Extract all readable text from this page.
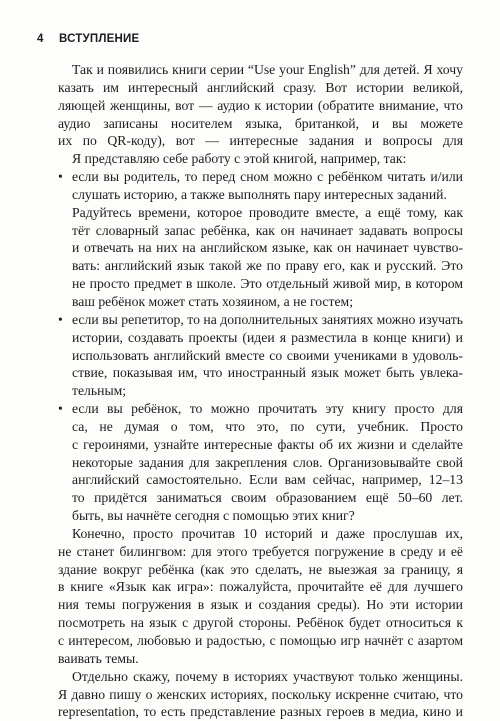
4 ВСТУПЛЕНИЕ
Так и появились книги серии “Use your English” для детей. Я хочу
казать им интересный английский сразу. Вот истории великой,
ляющей женщины, вот — аудио к истории (обратите внимание, что
аудио записаны носителем языка, британкой, и вы можете
их по QR-коду), вот — интересные задания и вопросы для
Я представляю себе работу с этой книгой, например, так:
• если вы родитель, то перед сном можно с ребёнком читать и/или
слушать историю, а также выполнять пару интересных заданий.
Радуйтесь времени, которое проводите вместе, а ещё тому, как
тёт словарный запас ребёнка, как он начинает задавать вопросы
и отвечать на них на английском языке, как он начинает чувство-
вать: английский язык такой же по праву его, как и русский. Это
не просто предмет в школе. Это отдельный живой мир, в котором
ваш ребёнок может стать хозяином, а не гостем;
• если вы репетитор, то на дополнительных занятиях можно изучать
истории, создавать проекты (идеи я разместила в конце книги) и
использовать английский вместе со своими учениками в удоволь-
ствие, показывая им, что иностранный язык может быть увлека-
тельным;
• если вы ребёнок, то можно прочитать эту книгу просто для
са, не думая о том, что это, по сути, учебник. Просто
с героинями, узнайте интересные факты об их жизни и сделайте
некоторые задания для закрепления слов. Организовывайте свой
английский самостоятельно. Если вам сейчас, например, 12–13
то придётся заниматься своим образованием ещё 50–60 лет.
быть, вы начнёте сегодня с помощью этих книг?
Конечно, просто прочитав 10 историй и даже прослушав их,
не станет билингвом: для этого требуется погружение в среду и её
здание вокруг ребёнка (как это сделать, не выезжая за границу, я
в книге «Язык как игра»: пожалуйста, прочитайте её для лучшего
ния темы погружения в язык и создания среды). Но эти истории
посмотреть на язык с другой стороны. Ребёнок будет относиться к
с интересом, любовью и радостью, с помощью игр начнёт с азартом
ваивать темы.
Отдельно скажу, почему в историях участвуют только женщины.
Я давно пишу о женских историях, поскольку искренне считаю, что
representation, то есть представление разных героев в медиа, кино и
